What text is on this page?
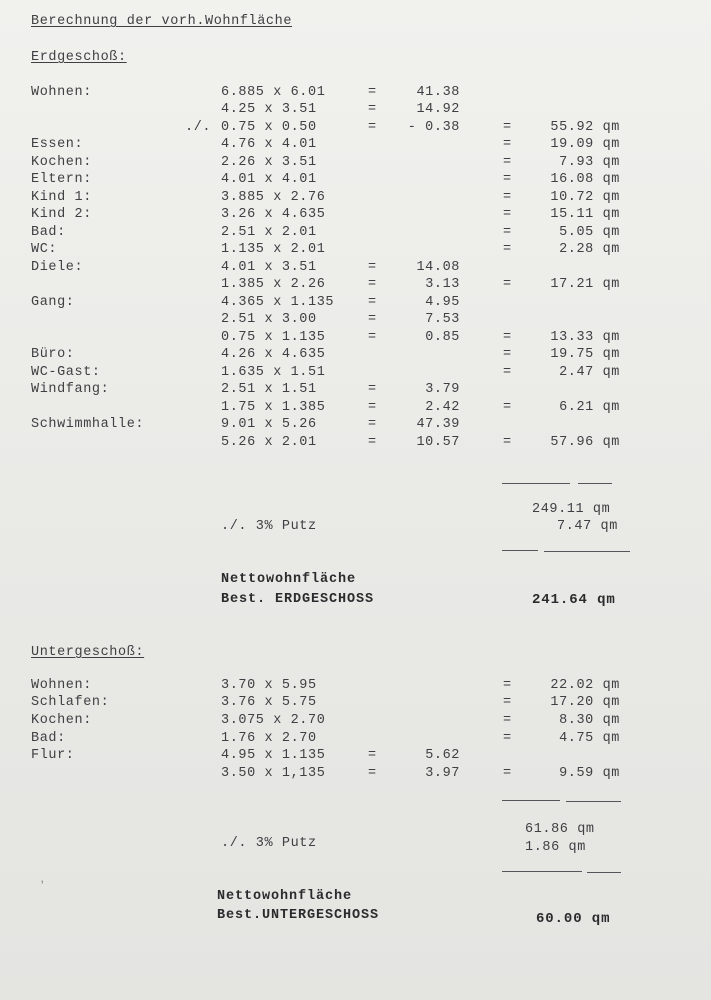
Berechnung der vorh.Wohnfläche
Erdgeschoß:
Wohnen:	6.885 x 6.01	=	41.38
4.25 x 3.51	=	14.92
./. 0.75 x 0.50	= - 0.38	=	55.92 qm
Essen:	4.76 x 4.01	=	19.09 qm
Kochen:	2.26 x 3.51	=	7.93 qm
Eltern:	4.01 x 4.01	=	16.08 qm
Kind 1:	3.885 x 2.76	=	10.72 qm
Kind 2:	3.26 x 4.635	=	15.11 qm
Bad:	2.51 x 2.01	=	5.05 qm
WC:	1.135 x 2.01	=	2.28 qm
Diele:	4.01 x 3.51	=	14.08
1.385 x 2.26	=	3.13	=	17.21 qm
Gang:	4.365 x 1.135	=	4.95
2.51 x 3.00	=	7.53
0.75 x 1.135	=	0.85	=	13.33 qm
Büro:	4.26 x 4.635	=	19.75 qm
WC-Gast:	1.635 x 1.51	=	2.47 qm
Windfang:	2.51 x 1.51	=	3.79
1.75 x 1.385	=	2.42	=	6.21 qm
Schwimmhalle:	9.01 x 5.26	=	47.39
5.26 x 2.01	=	10.57	=	57.96 qm
249.11 qm
./. 3% Putz	7.47 qm
Nettowohnfläche
Best. ERDGESCHOSS	241.64 qm
Untergeschoß:
Wohnen:	3.70 x 5.95	=	22.02 qm
Schlafen:	3.76 x 5.75	=	17.20 qm
Kochen:	3.075 x 2.70	=	8.30 qm
Bad:	1.76 x 2.70	=	4.75 qm
Flur:	4.95 x 1.135	=	5.62
3.50 x 1,135	=	3.97	=	9.59 qm
61.86 qm
./. 3% Putz	1.86 qm
Nettowohnfläche
Best.UNTERGESCHOSS	60.00 qm
ʼ
